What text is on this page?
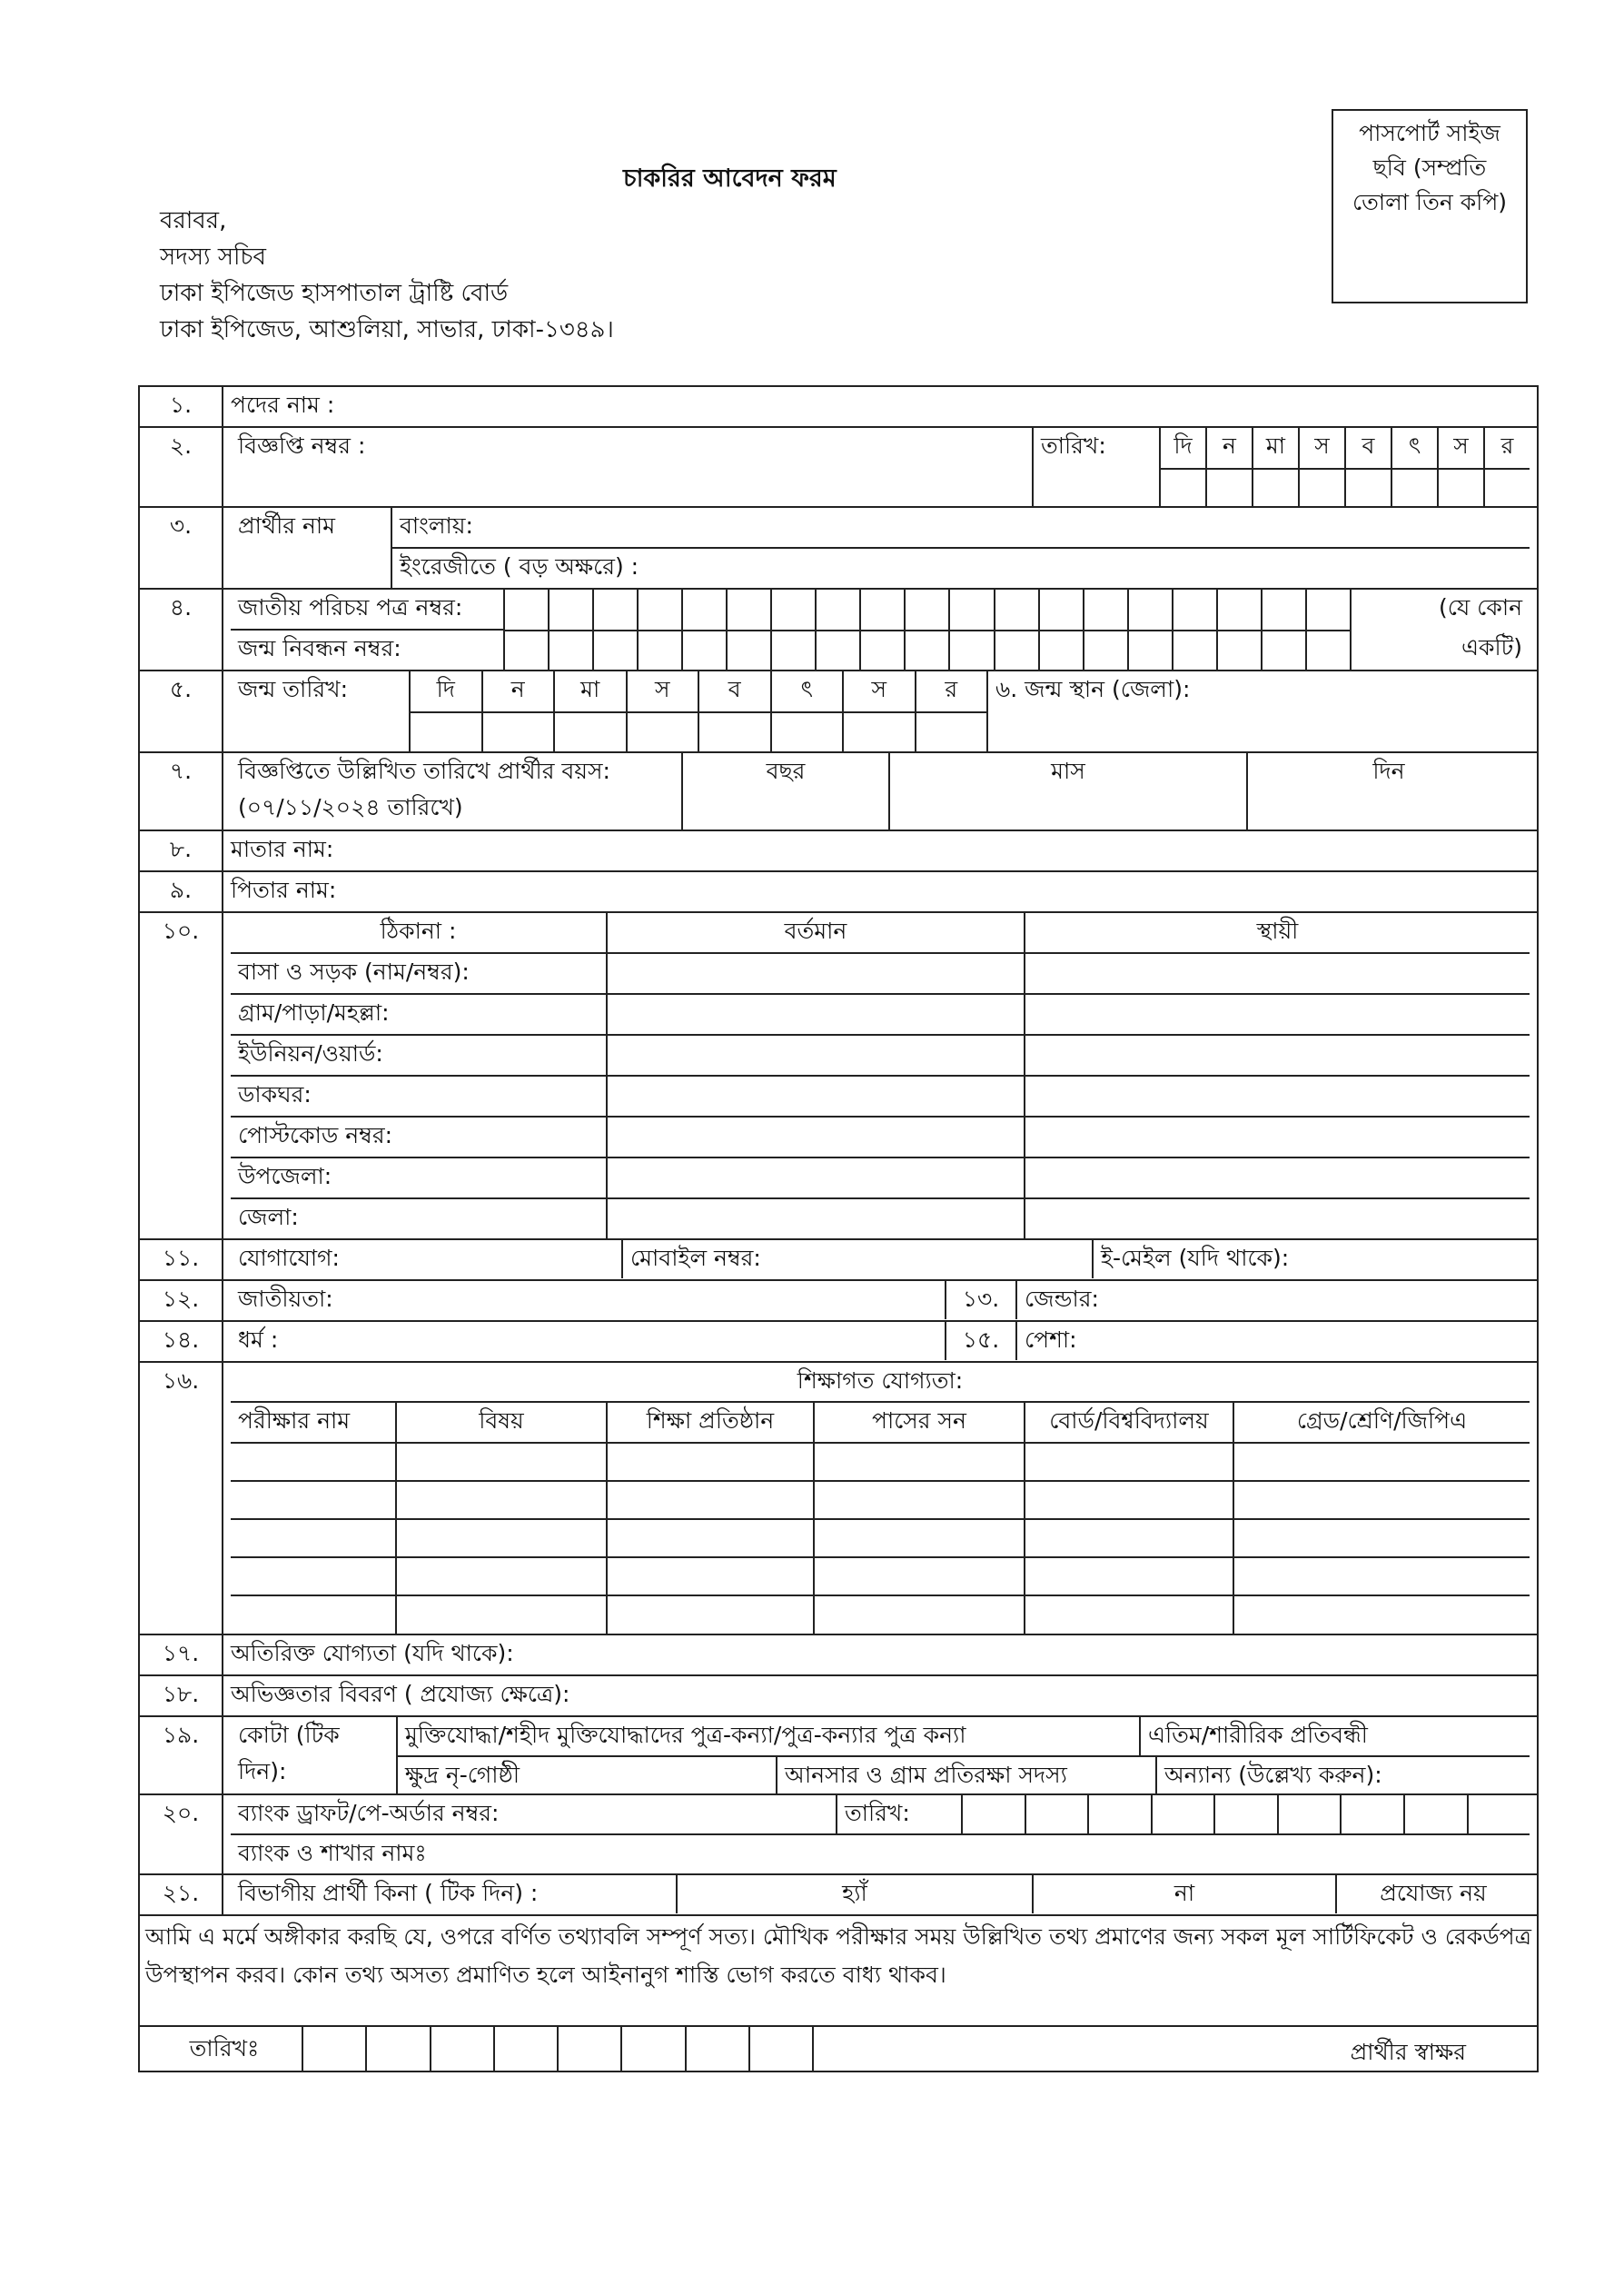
পাসপোর্ট সাইজ
ছবি (সম্প্রতি
তোলা তিন কপি)
চাকরির আবেদন ফরম
বরাবর,
সদস্য সচিব
ঢাকা ইপিজেড হাসপাতাল ট্রাষ্টি বোর্ড
ঢাকা ইপিজেড, আশুলিয়া, সাভার, ঢাকা-১৩৪৯।
১.	পদের নাম :
২.	বিজ্ঞপ্তি নম্বর :	তারিখ:	দি	ন	মা	স	ব	ৎ	স	র

৩.	প্রার্থীর নাম	বাংলায়:
ইংরেজীতে ( বড় অক্ষরে) :

৪.	জাতীয় পরিচয় পত্র নম্বর:
জন্ম নিবন্ধন নম্বর:
(যে কোন
একটি)

৫.	জন্ম তারিখ:	দি	ন	মা	স	ব	ৎ	স	র	৬. জন্ম স্থান (জেলা):

৭.	বিজ্ঞপ্তিতে উল্লিখিত তারিখে প্রার্থীর বয়স:
(০৭/১১/২০২৪ তারিখে)
বছর	মাস	দিন

৮.	মাতার নাম:
৯.	পিতার নাম:
১০.		ঠিকানা :	বর্তমান	স্থায়ী
বাসা ও সড়ক (নাম/নম্বর):		
গ্রাম/পাড়া/মহল্লা:		
ইউনিয়ন/ওয়ার্ড:		
ডাকঘর:		
পোস্টকোড নম্বর:		
উপজেলা:		
জেলা:		

১১.	যোগাযোগ:	মোবাইল নম্বর:	ই-মেইল (যদি থাকে):

১২.	জাতীয়তা:	১৩.	জেন্ডার:

১৪.	ধর্ম :	১৫.	পেশা:

১৬.	শিক্ষাগত যোগ্যতা:
পরীক্ষার নাম	বিষয়	শিক্ষা প্রতিষ্ঠান	পাসের সন	বোর্ড/বিশ্ববিদ্যালয়	গ্রেড/শ্রেণি/জিপিএ

১৭.	অতিরিক্ত যোগ্যতা (যদি থাকে):
১৮.	অভিজ্ঞতার বিবরণ ( প্রযোজ্য ক্ষেত্রে):
১৯.	কোটা (টিক
দিন):
মুক্তিযোদ্ধা/শহীদ মুক্তিযোদ্ধাদের পুত্র-কন্যা/পুত্র-কন্যার পুত্র কন্যা	এতিম/শারীরিক প্রতিবন্ধী
ক্ষুদ্র নৃ-গোষ্ঠী	আনসার ও গ্রাম প্রতিরক্ষা সদস্য	অন্যান্য (উল্লেখ্য করুন):

২০.	ব্যাংক ড্রাফট/পে-অর্ডার নম্বর:	তারিখ:
ব্যাংক ও শাখার নামঃ

২১.	বিভাগীয় প্রার্থী কিনা ( টিক দিন) :	হ্যাঁ	না	প্রযোজ্য নয়

আমি এ মর্মে অঙ্গীকার করছি যে, ওপরে বর্ণিত তথ্যাবলি সম্পূর্ণ সত্য। মৌখিক পরীক্ষার সময় উল্লিখিত তথ্য প্রমাণের জন্য সকল মূল সার্টিফিকেট ও রেকর্ডপত্র উপস্থাপন করব। কোন তথ্য অসত্য প্রমাণিত হলে আইনানুগ শাস্তি ভোগ করতে বাধ্য থাকব।

তারিখঃ	প্রার্থীর স্বাক্ষর
